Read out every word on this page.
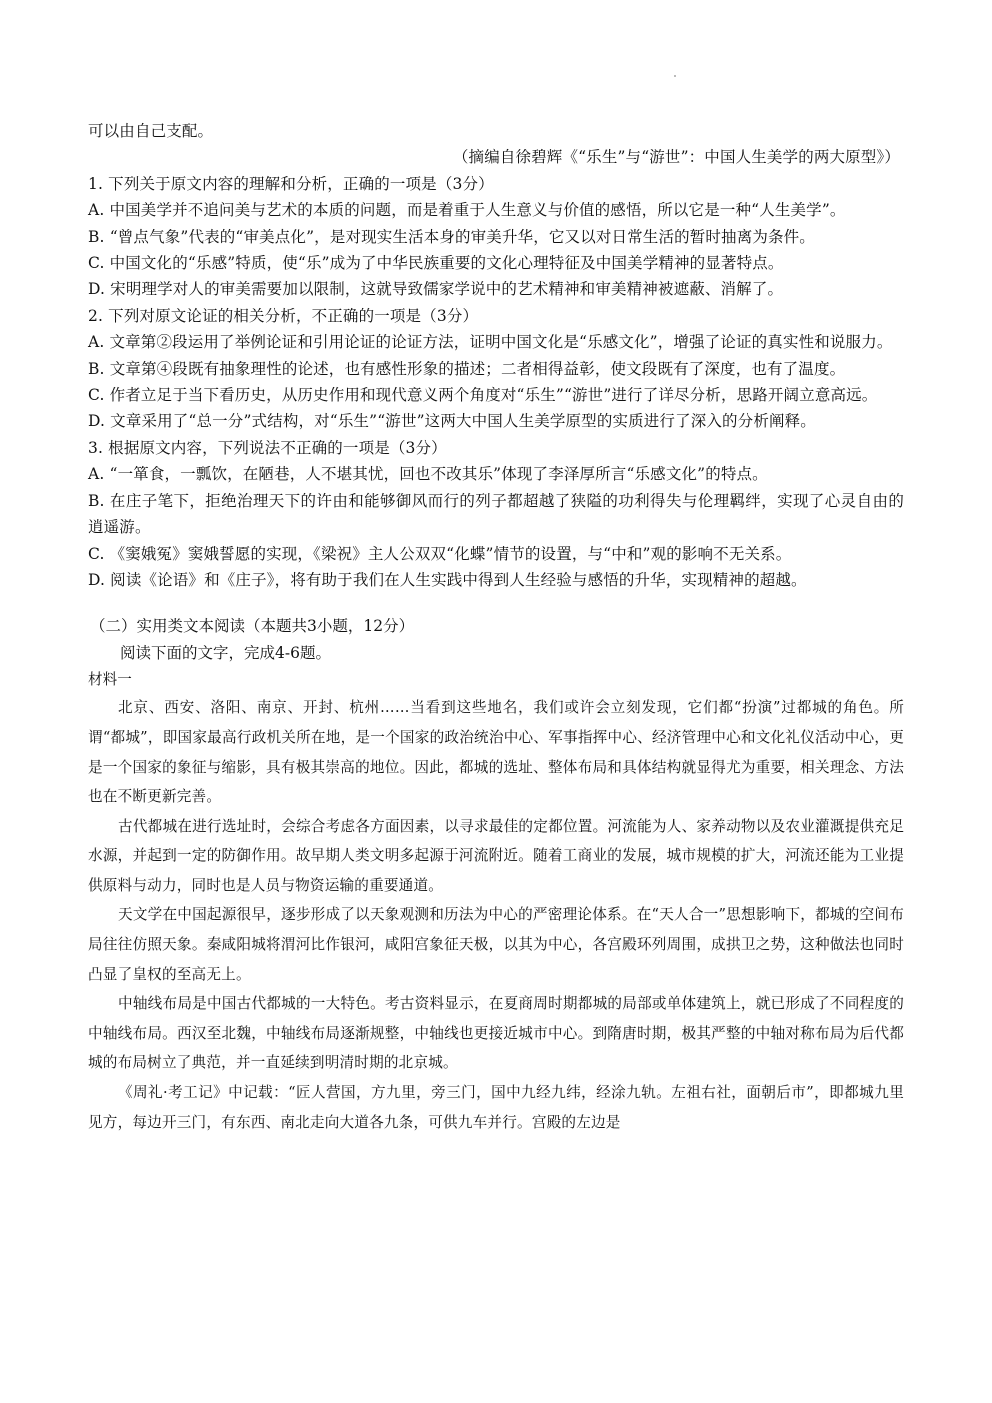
可以由自己支配。
（摘编自徐碧辉《“乐生”与“游世”：中国人生美学的两大原型》）
1. 下列关于原文内容的理解和分析，正确的一项是（3分）
A. 中国美学并不追问美与艺术的本质的问题，而是着重于人生意义与价值的感悟，所以它是一种“人生美学”。
B. “曾点气象”代表的“审美点化”，是对现实生活本身的审美升华，它又以对日常生活的暂时抽离为条件。
C. 中国文化的“乐感”特质，使“乐”成为了中华民族重要的文化心理特征及中国美学精神的显著特点。
D. 宋明理学对人的审美需要加以限制，这就导致儒家学说中的艺术精神和审美精神被遮蔽、消解了。
2. 下列对原文论证的相关分析，不正确的一项是（3分）
A. 文章第②段运用了举例论证和引用论证的论证方法，证明中国文化是“乐感文化”，增强了论证的真实性和说服力。
B. 文章第④段既有抽象理性的论述，也有感性形象的描述；二者相得益彰，使文段既有了深度，也有了温度。
C. 作者立足于当下看历史，从历史作用和现代意义两个角度对“乐生”“游世”进行了详尽分析，思路开阔立意高远。
D. 文章采用了“总一分”式结构，对“乐生”“游世”这两大中国人生美学原型的实质进行了深入的分析阐释。
3. 根据原文内容，下列说法不正确的一项是（3分）
A. “一箪食，一瓢饮，在陋巷，人不堪其忧，回也不改其乐”体现了李泽厚所言“乐感文化”的特点。
B. 在庄子笔下，拒绝治理天下的许由和能够御风而行的列子都超越了狭隘的功利得失与伦理羁绊，实现了心灵自由的逍遥游。
C. 《窦娥冤》窦娥誓愿的实现，《梁祝》主人公双双“化蝶”情节的设置，与“中和”观的影响不无关系。
D. 阅读《论语》和《庄子》，将有助于我们在人生实践中得到人生经验与感悟的升华，实现精神的超越。
（二）实用类文本阅读（本题共3小题，12分）
阅读下面的文字，完成4-6题。
材料一
北京、西安、洛阳、南京、开封、杭州……当看到这些地名，我们或许会立刻发现，它们都“扮演”过都城的角色。所谓“都城”，即国家最高行政机关所在地，是一个国家的政治统治中心、军事指挥中心、经济管理中心和文化礼仪活动中心，更是一个国家的象征与缩影，具有极其崇高的地位。因此，都城的选址、整体布局和具体结构就显得尤为重要，相关理念、方法也在不断更新完善。
古代都城在进行选址时，会综合考虑各方面因素，以寻求最佳的定都位置。河流能为人、家养动物以及农业灌溉提供充足水源，并起到一定的防御作用。故早期人类文明多起源于河流附近。随着工商业的发展，城市规模的扩大，河流还能为工业提供原料与动力，同时也是人员与物资运输的重要通道。
天文学在中国起源很早，逐步形成了以天象观测和历法为中心的严密理论体系。在“天人合一”思想影响下，都城的空间布局往往仿照天象。秦咸阳城将渭河比作银河，咸阳宫象征天极，以其为中心，各宫殿环列周围，成拱卫之势，这种做法也同时凸显了皇权的至高无上。
中轴线布局是中国古代都城的一大特色。考古资料显示，在夏商周时期都城的局部或单体建筑上，就已形成了不同程度的中轴线布局。西汉至北魏，中轴线布局逐渐规整，中轴线也更接近城市中心。到隋唐时期，极其严整的中轴对称布局为后代都城的布局树立了典范，并一直延续到明清时期的北京城。
《周礼·考工记》中记载：“匠人营国，方九里，旁三门，国中九经九纬，经涂九轨。左祖右社，面朝后市”，即都城九里见方，每边开三门，有东西、南北走向大道各九条，可供九车并行。宫殿的左边是
